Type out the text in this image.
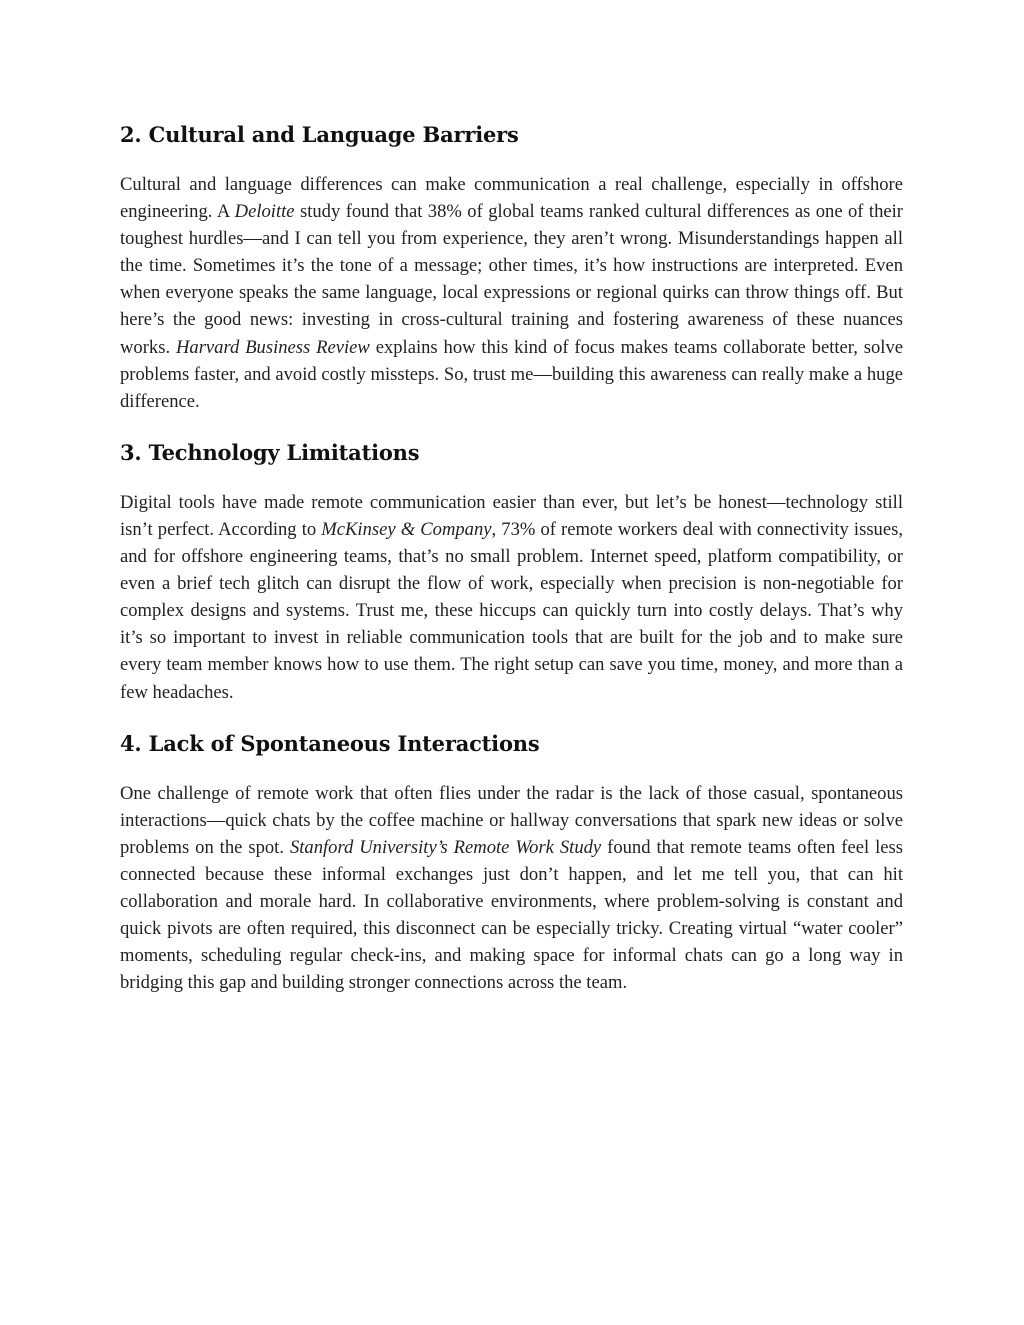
2. Cultural and Language Barriers

Cultural and language differences can make communication a real challenge, especially in offshore engineering. A Deloitte study found that 38% of global teams ranked cultural differences as one of their toughest hurdles—and I can tell you from experience, they aren’t wrong. Misunderstandings happen all the time. Sometimes it’s the tone of a message; other times, it’s how instructions are interpreted. Even when everyone speaks the same language, local expressions or regional quirks can throw things off. But here’s the good news: investing in cross-cultural training and fostering awareness of these nuances works. Harvard Business Review explains how this kind of focus makes teams collaborate better, solve problems faster, and avoid costly missteps. So, trust me—building this awareness can really make a huge difference.

3. Technology Limitations

Digital tools have made remote communication easier than ever, but let’s be honest—technology still isn’t perfect. According to McKinsey & Company, 73% of remote workers deal with connectivity issues, and for offshore engineering teams, that’s no small problem. Internet speed, platform compatibility, or even a brief tech glitch can disrupt the flow of work, especially when precision is non-negotiable for complex designs and systems. Trust me, these hiccups can quickly turn into costly delays. That’s why it’s so important to invest in reliable communication tools that are built for the job and to make sure every team member knows how to use them. The right setup can save you time, money, and more than a few headaches.

4. Lack of Spontaneous Interactions

One challenge of remote work that often flies under the radar is the lack of those casual, spontaneous interactions—quick chats by the coffee machine or hallway conversations that spark new ideas or solve problems on the spot. Stanford University’s Remote Work Study found that remote teams often feel less connected because these informal exchanges just don’t happen, and let me tell you, that can hit collaboration and morale hard. In collaborative environments, where problem-solving is constant and quick pivots are often required, this disconnect can be especially tricky. Creating virtual “water cooler” moments, scheduling regular check-ins, and making space for informal chats can go a long way in bridging this gap and building stronger connections across the team.
